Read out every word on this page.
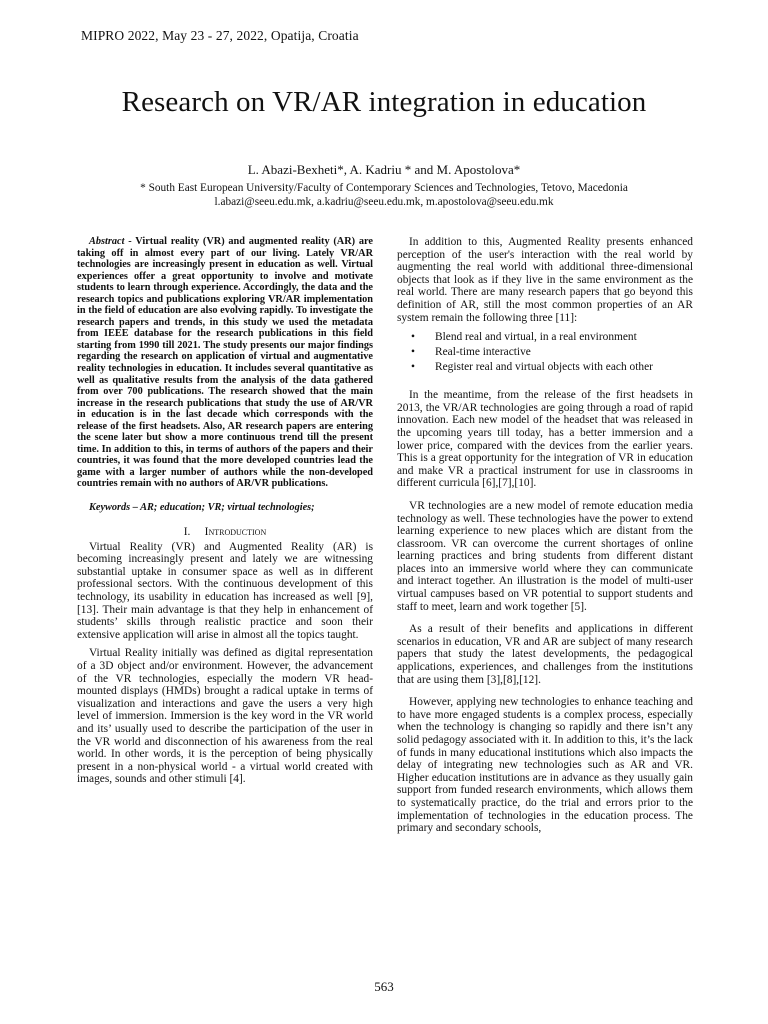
MIPRO 2022, May 23 - 27, 2022, Opatija, Croatia
Research on VR/AR integration in education
L. Abazi-Bexheti*, A. Kadriu * and M. Apostolova*
* South East European University/Faculty of Contemporary Sciences and Technologies, Tetovo, Macedonia
l.abazi@seeu.edu.mk, a.kadriu@seeu.edu.mk, m.apostolova@seeu.edu.mk

Abstract - Virtual reality (VR) and augmented reality (AR) are taking off in almost every part of our living. Lately VR/AR technologies are increasingly present in education as well. Virtual experiences offer a great opportunity to involve and motivate students to learn through experience. Accordingly, the data and the research topics and publications exploring VR/AR implementation in the field of education are also evolving rapidly. To investigate the research papers and trends, in this study we used the metadata from IEEE database for the research publications in this field starting from 1990 till 2021. The study presents our major findings regarding the research on application of virtual and augmentative reality technologies in education. It includes several quantitative as well as qualitative results from the analysis of the data gathered from over 700 publications. The research showed that the main increase in the research publications that study the use of AR/VR in education is in the last decade which corresponds with the release of the first headsets. Also, AR research papers are entering the scene later but show a more continuous trend till the present time. In addition to this, in terms of authors of the papers and their countries, it was found that the more developed countries lead the game with a larger number of authors while the non-developed countries remain with no authors of AR/VR publications.

Keywords – AR; education; VR; virtual technologies;

I. Introduction

Virtual Reality (VR) and Augmented Reality (AR) is becoming increasingly present and lately we are witnessing substantial uptake in consumer space as well as in different professional sectors. With the continuous development of this technology, its usability in education has increased as well [9],[13]. Their main advantage is that they help in enhancement of students’ skills through realistic practice and soon their extensive application will arise in almost all the topics taught.

Virtual Reality initially was defined as digital representation of a 3D object and/or environment. However, the advancement of the VR technologies, especially the modern VR head-mounted displays (HMDs) brought a radical uptake in terms of visualization and interactions and gave the users a very high level of immersion. Immersion is the key word in the VR world and its’ usually used to describe the participation of the user in the VR world and disconnection of his awareness from the real world. In other words, it is the perception of being physically present in a non-physical world - a virtual world created with images, sounds and other stimuli [4].

In addition to this, Augmented Reality presents enhanced perception of the user's interaction with the real world by augmenting the real world with additional three-dimensional objects that look as if they live in the same environment as the real world. There are many research papers that go beyond this definition of AR, still the most common properties of an AR system remain the following three [11]:

• Blend real and virtual, in a real environment
• Real-time interactive
• Register real and virtual objects with each other

In the meantime, from the release of the first headsets in 2013, the VR/AR technologies are going through a road of rapid innovation. Each new model of the headset that was released in the upcoming years till today, has a better immersion and a lower price, compared with the devices from the earlier years. This is a great opportunity for the integration of VR in education and make VR a practical instrument for use in classrooms in different curricula [6],[7],[10].

VR technologies are a new model of remote education media technology as well. These technologies have the power to extend learning experience to new places which are distant from the classroom. VR can overcome the current shortages of online learning practices and bring students from different distant places into an immersive world where they can communicate and interact together. An illustration is the model of multi-user virtual campuses based on VR potential to support students and staff to meet, learn and work together [5].

As a result of their benefits and applications in different scenarios in education, VR and AR are subject of many research papers that study the latest developments, the pedagogical applications, experiences, and challenges from the institutions that are using them [3],[8],[12].

However, applying new technologies to enhance teaching and to have more engaged students is a complex process, especially when the technology is changing so rapidly and there isn’t any solid pedagogy associated with it. In addition to this, it’s the lack of funds in many educational institutions which also impacts the delay of integrating new technologies such as AR and VR. Higher education institutions are in advance as they usually gain support from funded research environments, which allows them to systematically practice, do the trial and errors prior to the implementation of technologies in the education process. The primary and secondary schools,

563
